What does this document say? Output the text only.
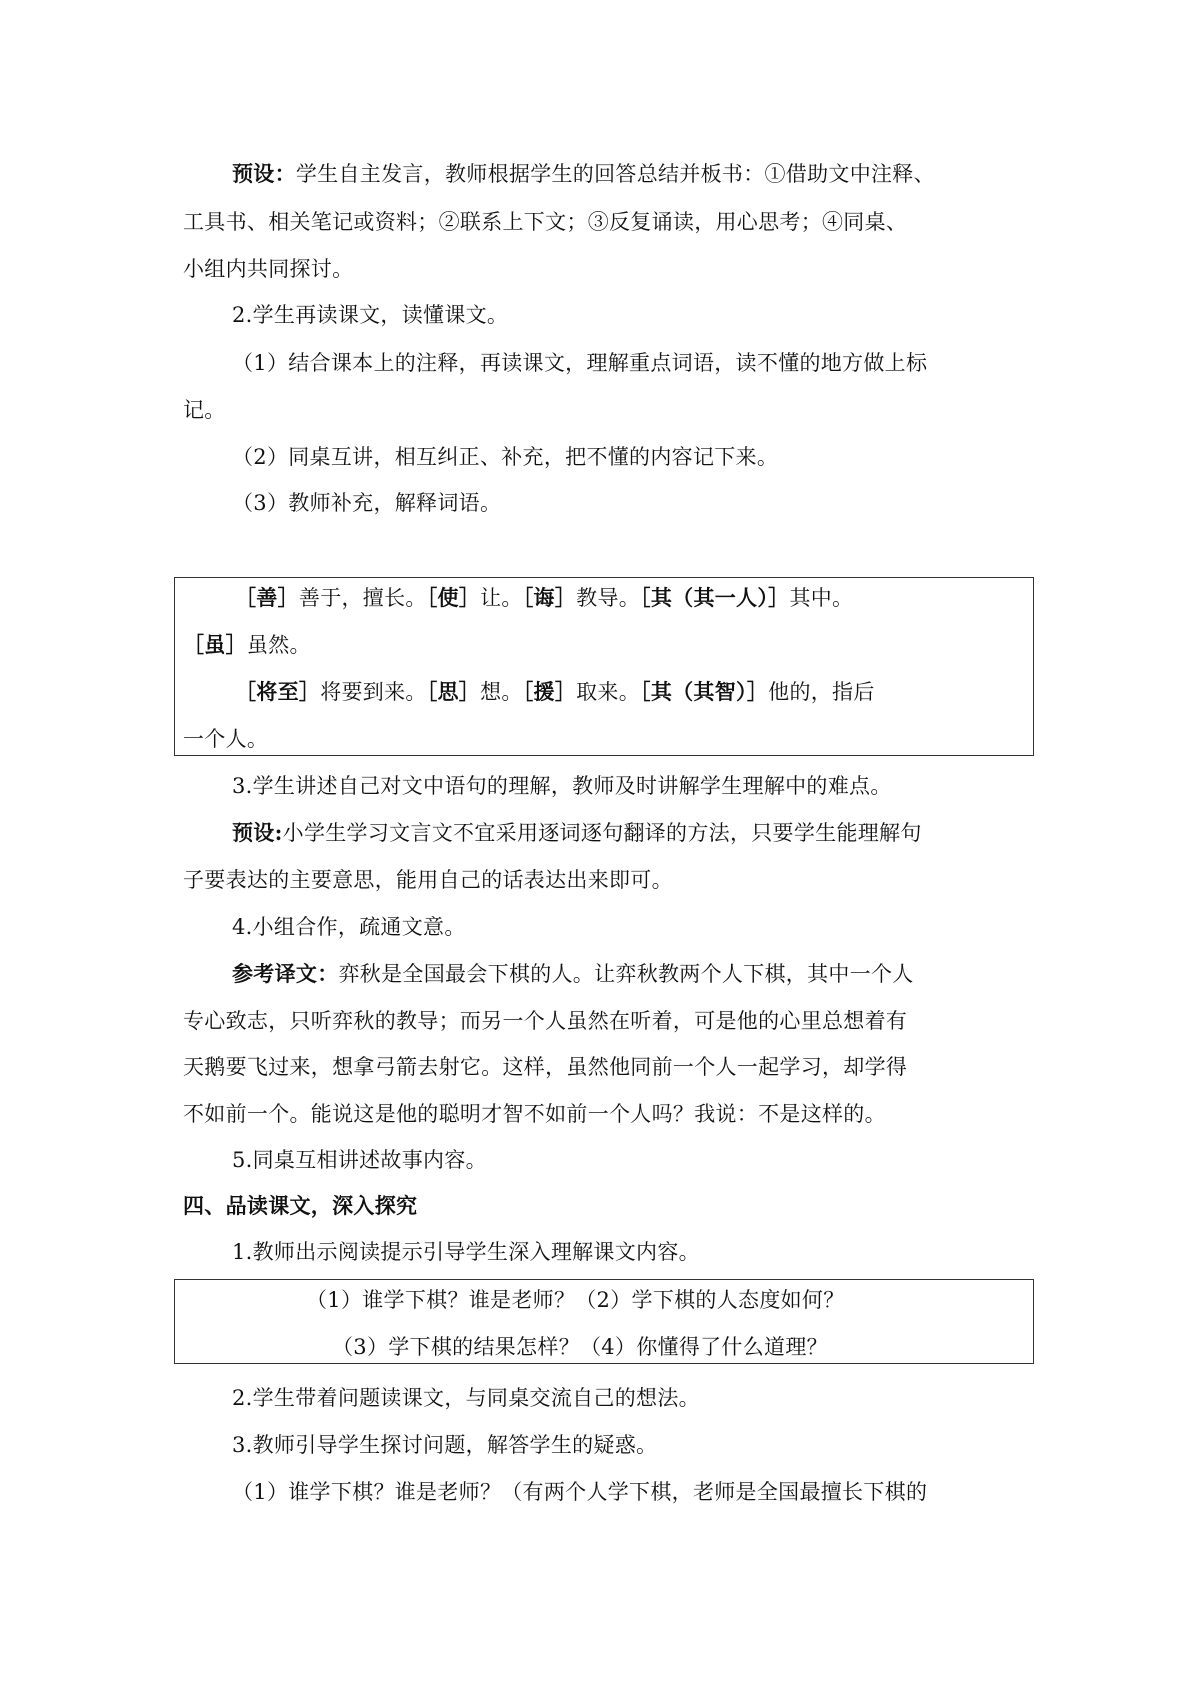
预设：学生自主发言，教师根据学生的回答总结并板书：①借助文中注释、
工具书、相关笔记或资料；②联系上下文；③反复诵读，用心思考；④同桌、
小组内共同探讨。
2.学生再读课文，读懂课文。
（1）结合课本上的注释，再读课文，理解重点词语，读不懂的地方做上标
记。
（2）同桌互讲，相互纠正、补充，把不懂的内容记下来。
（3）教师补充，解释词语。
［善］善于，擅长。［使］让。［诲］教导。［其（其一人）］其中。
［虽］虽然。
［将至］将要到来。［思］想。［援］取来。［其（其智）］他的，指后
一个人。
3.学生讲述自己对文中语句的理解，教师及时讲解学生理解中的难点。
预设:小学生学习文言文不宜采用逐词逐句翻译的方法，只要学生能理解句
子要表达的主要意思，能用自己的话表达出来即可。
4.小组合作，疏通文意。
参考译文：弈秋是全国最会下棋的人。让弈秋教两个人下棋，其中一个人
专心致志，只听弈秋的教导；而另一个人虽然在听着，可是他的心里总想着有
天鹅要飞过来，想拿弓箭去射它。这样，虽然他同前一个人一起学习，却学得
不如前一个。能说这是他的聪明才智不如前一个人吗？我说：不是这样的。
5.同桌互相讲述故事内容。
四、品读课文，深入探究
1.教师出示阅读提示引导学生深入理解课文内容。
（1）谁学下棋？谁是老师？（2）学下棋的人态度如何？
（3）学下棋的结果怎样？（4）你懂得了什么道理？
2.学生带着问题读课文，与同桌交流自己的想法。
3.教师引导学生探讨问题，解答学生的疑惑。
（1）谁学下棋？谁是老师？（有两个人学下棋，老师是全国最擅长下棋的
